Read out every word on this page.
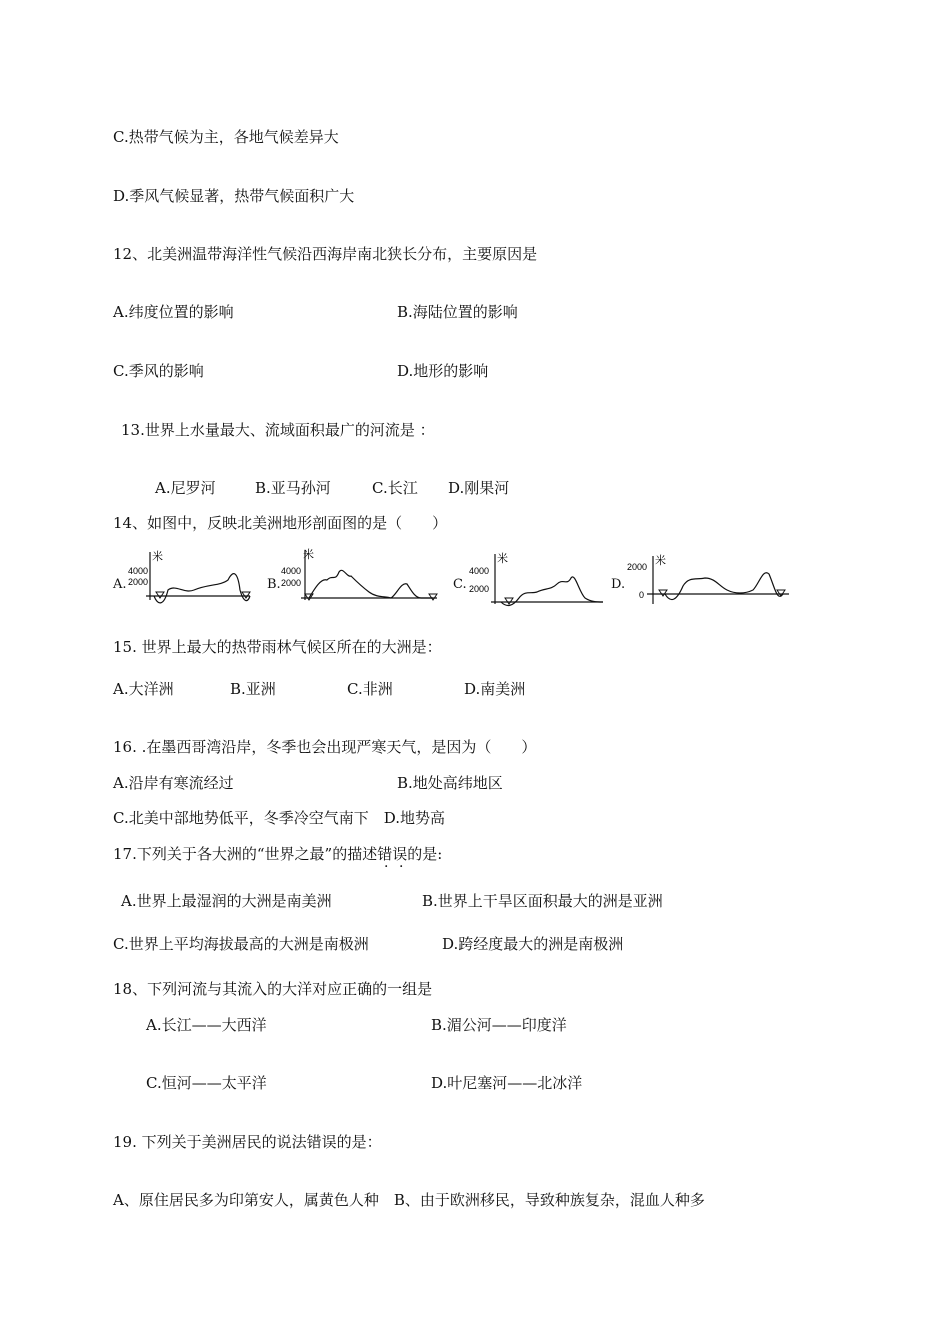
C.热带气候为主，各地气候差异大
D.季风气候显著，热带气候面积广大
12、北美洲温带海洋性气候沿西海岸南北狭长分布，主要原因是
A.纬度位置的影响	B.海陆位置的影响
C.季风的影响	D.地形的影响
13.世界上水量最大、流域面积最广的河流是 ：
A.尼罗河	B.亚马孙河	C.长江 D.刚果河
14、如图中，反映北美洲地形剖面图的是（　　）
A.
米
4000
2000	B.
米
4000
2000	C.
米
4000
2000	D.
米
2000
0
15. 世界上最大的热带雨林气候区所在的大洲是：
A.大洋洲	B.亚洲	C.非洲	D.南美洲
16. .在墨西哥湾沿岸，冬季也会出现严寒天气，是因为（　　）
A.沿岸有寒流经过	B.地处高纬地区
C.北美中部地势低平，冬季冷空气南下　D.地势高
17.下列关于各大洲的“世界之最”的描述错误的是:
A.世界上最湿润的大洲是南美洲	B.世界上干旱区面积最大的洲是亚洲
C.世界上平均海拔最高的大洲是南极洲	D.跨经度最大的洲是南极洲
18、下列河流与其流入的大洋对应正确的一组是
A.长江——大西洋	B.湄公河——印度洋
C.恒河——太平洋	D.叶尼塞河——北冰洋
19. 下列关于美洲居民的说法错误的是：
A、原住居民多为印第安人，属黄色人种　B、由于欧洲移民，导致种族复杂，混血人种多
